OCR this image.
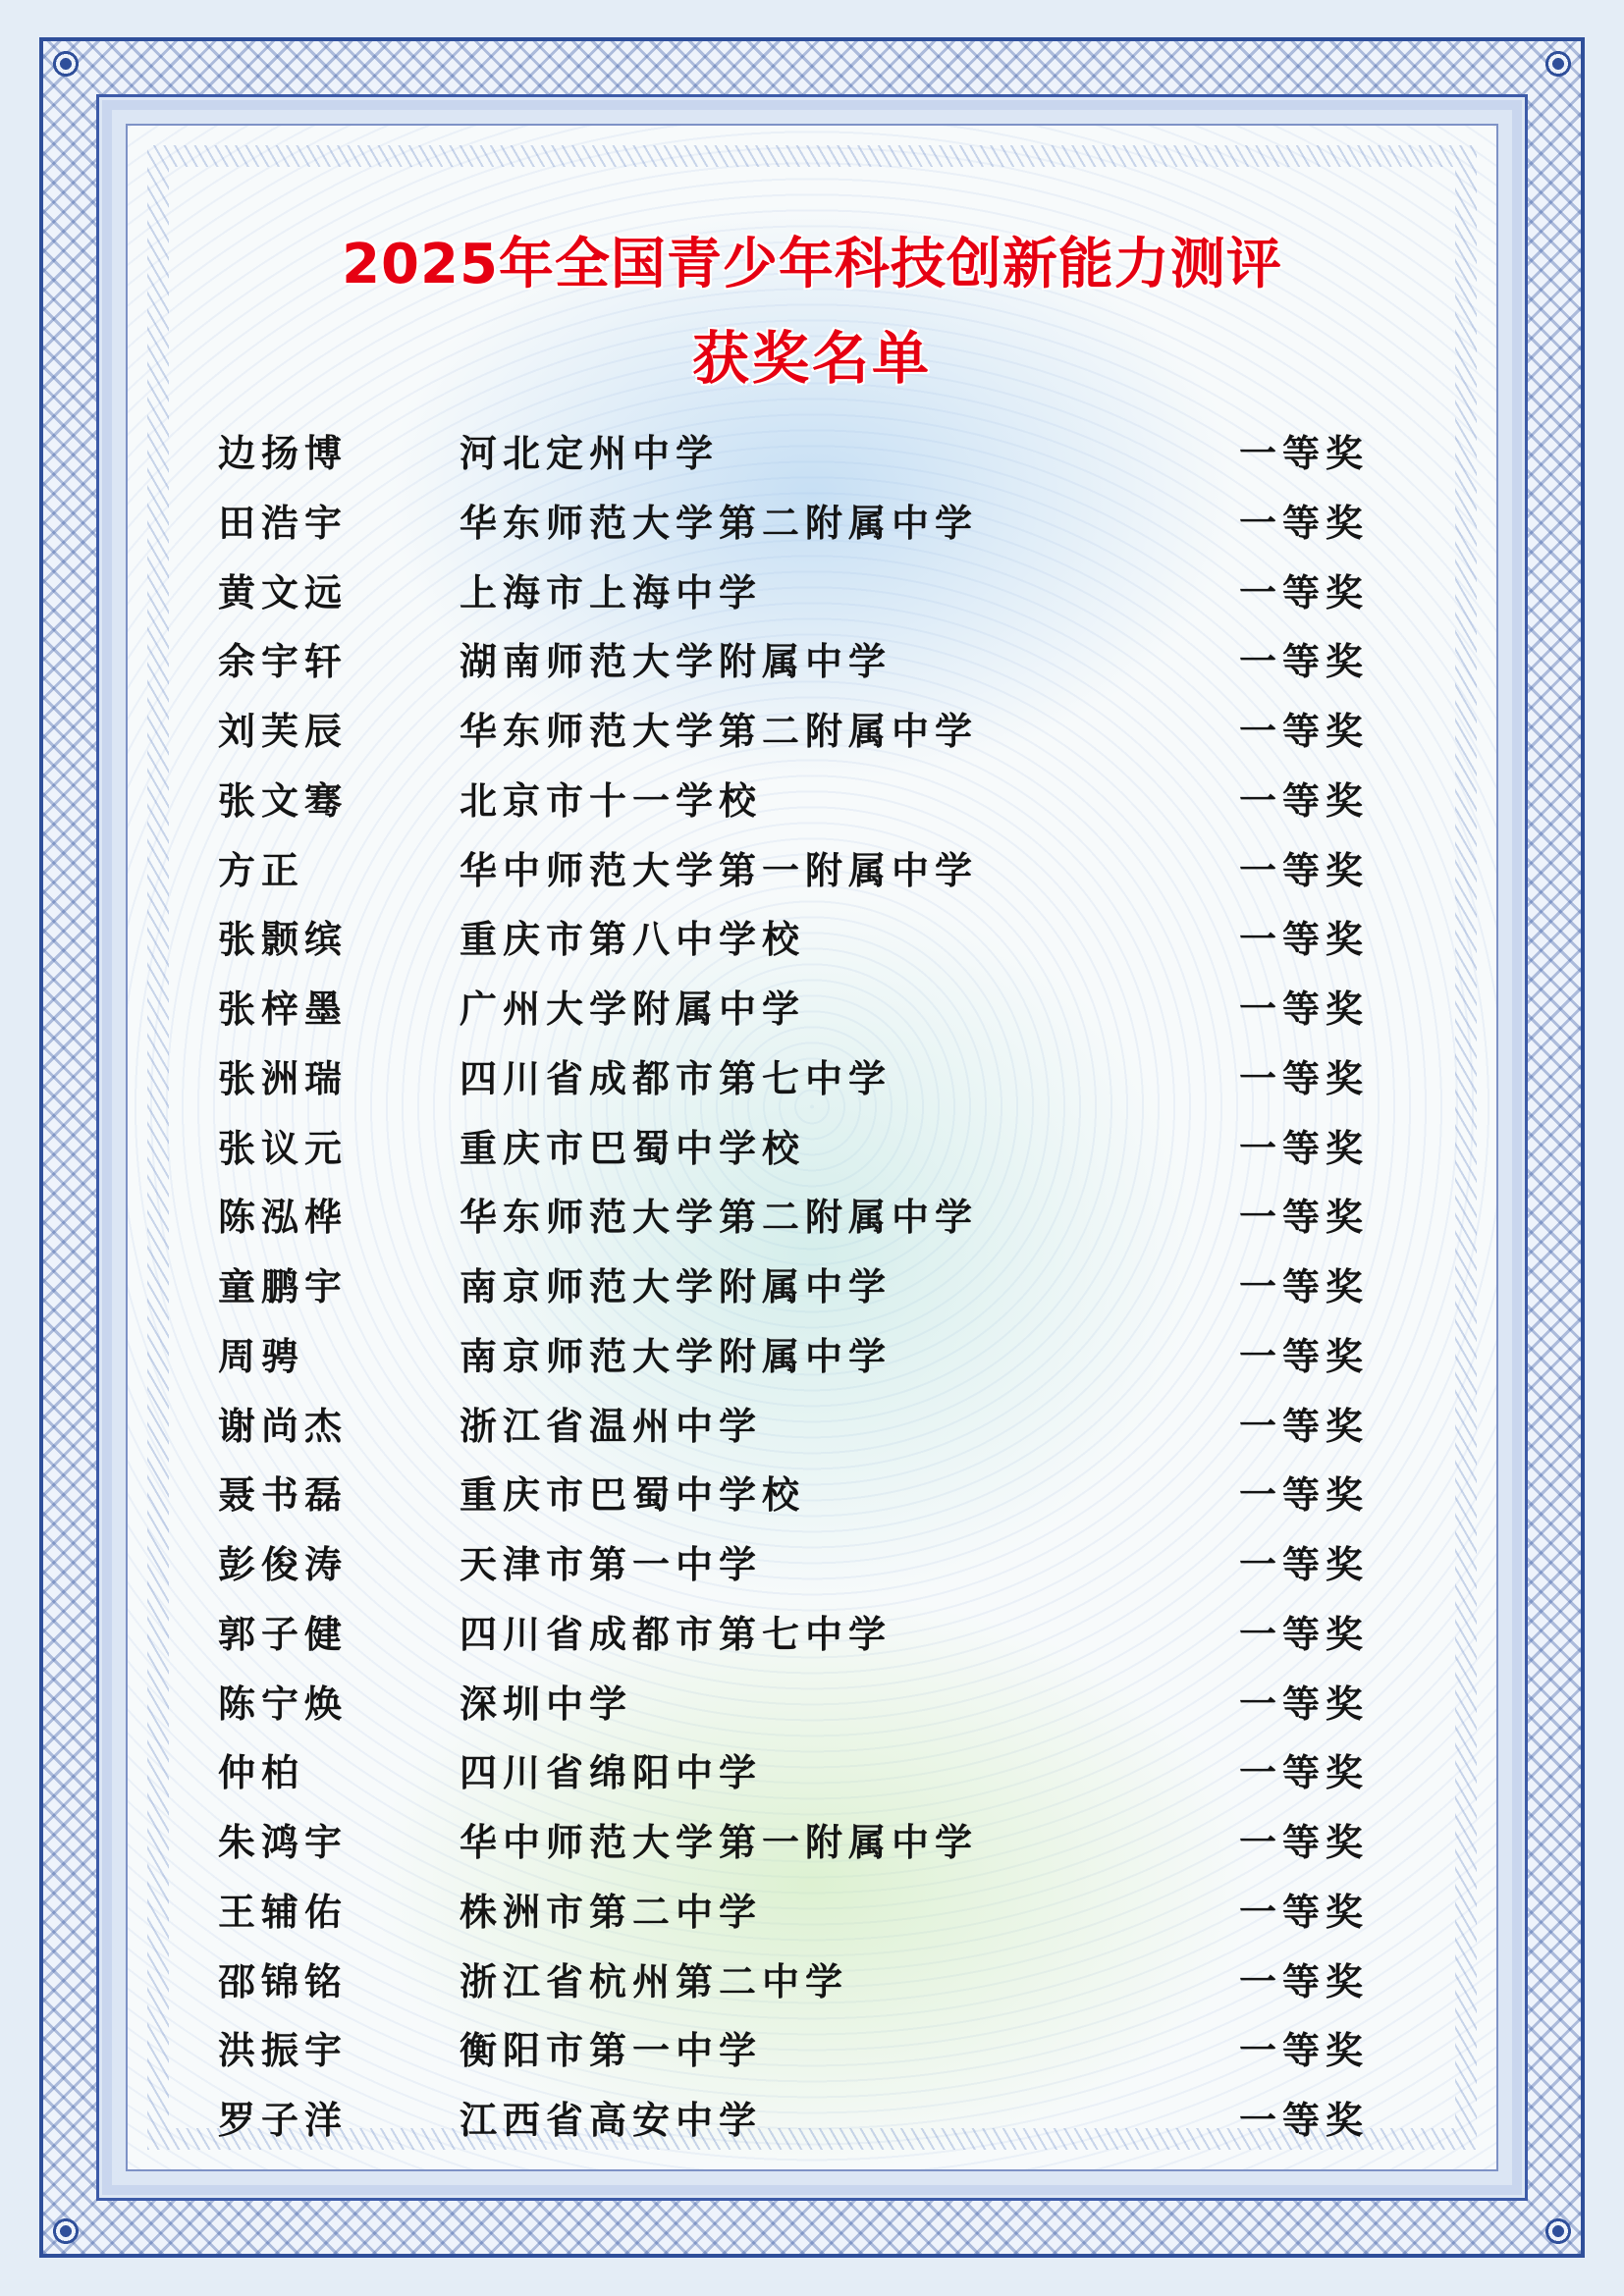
2025年全国青少年科技创新能力测评
获奖名单
边扬博	河北定州中学	一等奖
田浩宇	华东师范大学第二附属中学	一等奖
黄文远	上海市上海中学	一等奖
余宇轩	湖南师范大学附属中学	一等奖
刘芙辰	华东师范大学第二附属中学	一等奖
张文骞	北京市十一学校	一等奖
方正	华中师范大学第一附属中学	一等奖
张颢缤	重庆市第八中学校	一等奖
张梓墨	广州大学附属中学	一等奖
张洲瑞	四川省成都市第七中学	一等奖
张议元	重庆市巴蜀中学校	一等奖
陈泓桦	华东师范大学第二附属中学	一等奖
童鹏宇	南京师范大学附属中学	一等奖
周骋	南京师范大学附属中学	一等奖
谢尚杰	浙江省温州中学	一等奖
聂书磊	重庆市巴蜀中学校	一等奖
彭俊涛	天津市第一中学	一等奖
郭子健	四川省成都市第七中学	一等奖
陈宁焕	深圳中学	一等奖
仲柏	四川省绵阳中学	一等奖
朱鸿宇	华中师范大学第一附属中学	一等奖
王辅佑	株洲市第二中学	一等奖
邵锦铭	浙江省杭州第二中学	一等奖
洪振宇	衡阳市第一中学	一等奖
罗子洋	江西省高安中学	一等奖
